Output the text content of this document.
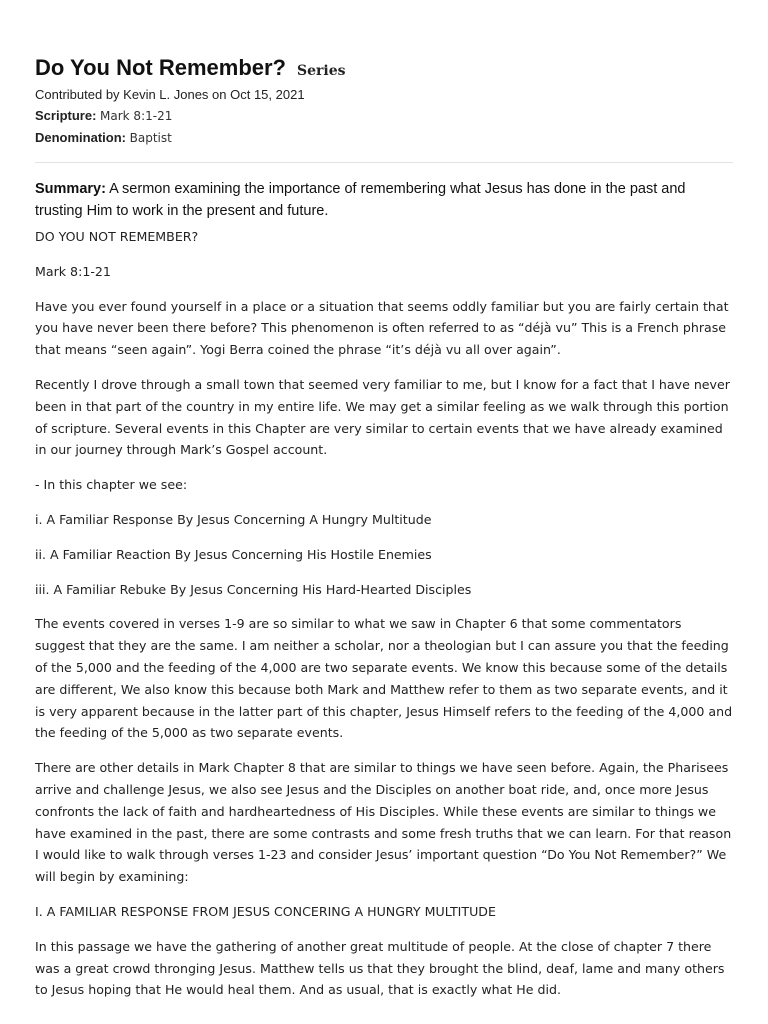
Do You Not Remember? Series
Contributed by Kevin L. Jones on Oct 15, 2021
Scripture: Mark 8:1-21
Denomination: Baptist
Summary: A sermon examining the importance of remembering what Jesus has done in the past and trusting Him to work in the present and future.

DO YOU NOT REMEMBER?

Mark 8:1-21

Have you ever found yourself in a place or a situation that seems oddly familiar but you are fairly certain that you have never been there before? This phenomenon is often referred to as “déjà vu” This is a French phrase that means “seen again”. Yogi Berra coined the phrase “it’s déjà vu all over again”.

Recently I drove through a small town that seemed very familiar to me, but I know for a fact that I have never been in that part of the country in my entire life. We may get a similar feeling as we walk through this portion of scripture. Several events in this Chapter are very similar to certain events that we have already examined in our journey through Mark’s Gospel account.

- In this chapter we see:

i. A Familiar Response By Jesus Concerning A Hungry Multitude

ii. A Familiar Reaction By Jesus Concerning His Hostile Enemies

iii. A Familiar Rebuke By Jesus Concerning His Hard-Hearted Disciples

The events covered in verses 1-9 are so similar to what we saw in Chapter 6 that some commentators suggest that they are the same. I am neither a scholar, nor a theologian but I can assure you that the feeding of the 5,000 and the feeding of the 4,000 are two separate events. We know this because some of the details are different, We also know this because both Mark and Matthew refer to them as two separate events, and it is very apparent because in the latter part of this chapter, Jesus Himself refers to the feeding of the 4,000 and the feeding of the 5,000 as two separate events.

There are other details in Mark Chapter 8 that are similar to things we have seen before. Again, the Pharisees arrive and challenge Jesus, we also see Jesus and the Disciples on another boat ride, and, once more Jesus confronts the lack of faith and hardheartedness of His Disciples. While these events are similar to things we have examined in the past, there are some contrasts and some fresh truths that we can learn. For that reason I would like to walk through verses 1-23 and consider Jesus’ important question “Do You Not Remember?” We will begin by examining:

I. A FAMILIAR RESPONSE FROM JESUS CONCERING A HUNGRY MULTITUDE

In this passage we have the gathering of another great multitude of people. At the close of chapter 7 there was a great crowd thronging Jesus. Matthew tells us that they brought the blind, deaf, lame and many others to Jesus hoping that He would heal them. And as usual, that is exactly what He did.
